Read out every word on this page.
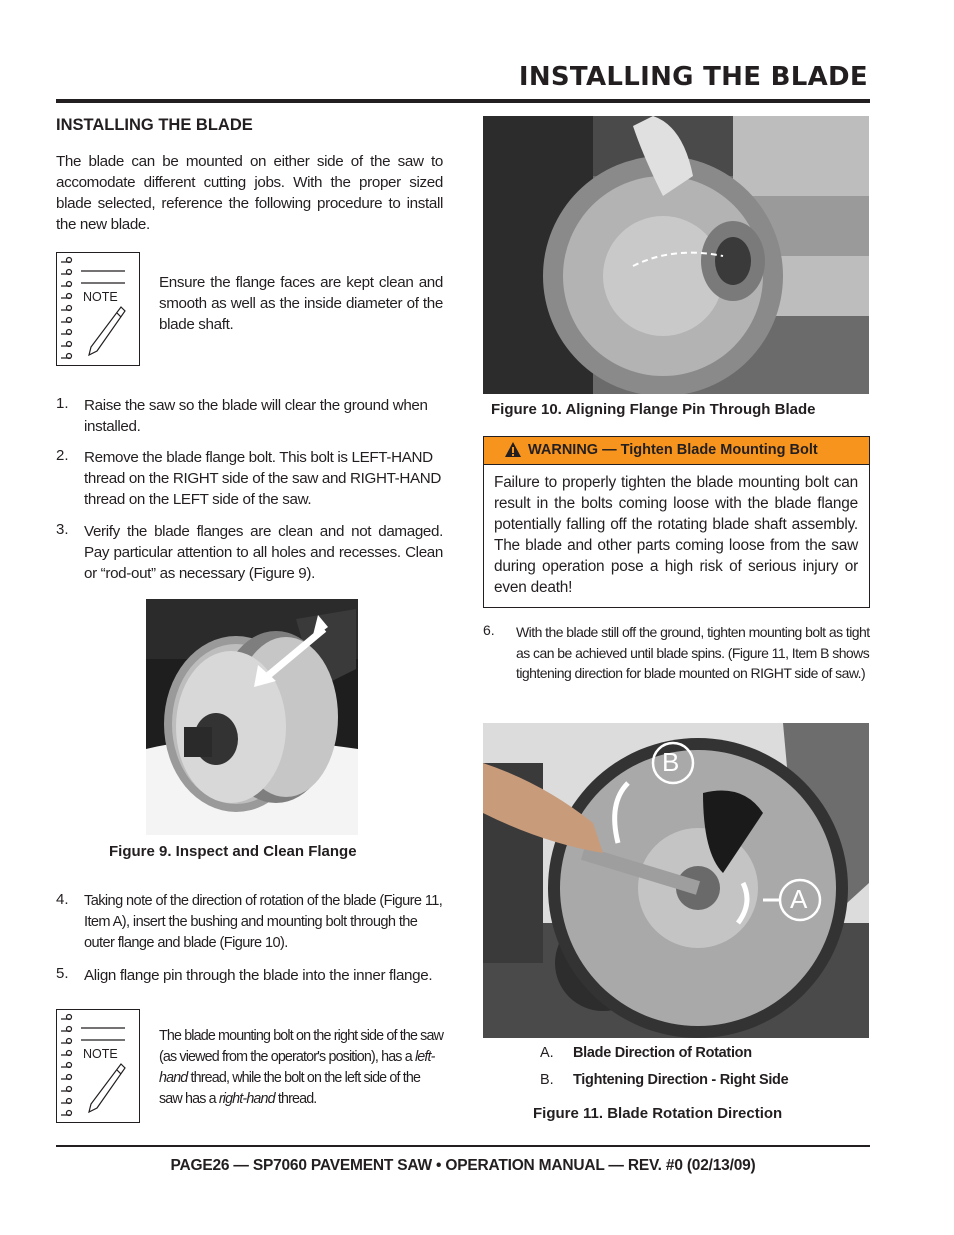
INSTALLING THE BLADE
INSTALLING THE BLADE
The blade can be mounted on either side of the saw to accomodate different cutting jobs. With the proper sized blade selected, reference the following procedure to install the new blade.
NOTE
Ensure the flange faces are kept clean and smooth as well as the inside diameter of the blade shaft.
1. Raise the saw so the blade will clear the ground when installed.
2. Remove the blade flange bolt. This bolt is LEFT-HAND thread on the RIGHT side of the saw and RIGHT-HAND thread on the LEFT side of the saw.
3. Verify the blade flanges are clean and not damaged. Pay particular attention to all holes and recesses. Clean or “rod-out” as necessary (Figure 9).
Figure 9. Inspect and Clean Flange
4. Taking note of the direction of rotation of the blade (Figure 11, Item A), insert the bushing and mounting bolt through the outer flange and blade (Figure 10).
5. Align flange pin through the blade into the inner flange.
NOTE
The blade mounting bolt on the right side of the saw (as viewed from the operator's position), has a left-hand thread, while the bolt on the left side of the saw has a right-hand thread.
Figure 10. Aligning Flange Pin Through Blade
WARNING — Tighten Blade Mounting Bolt
Failure to properly tighten the blade mounting bolt can result in the bolts coming loose with the blade flange potentially falling off the rotating blade shaft assembly. The blade and other parts coming loose from the saw during operation pose a high risk of serious injury or even death!
6. With the blade still off the ground, tighten mounting bolt as tight as can be achieved until blade spins. (Figure 11, Item B shows tightening direction for blade mounted on RIGHT side of saw.)
B
A
A. Blade Direction of Rotation
B. Tightening Direction - Right Side
Figure 11. Blade Rotation Direction
PAGE26 — SP7060 PAVEMENT SAW • OPERATION MANUAL — REV. #0 (02/13/09)
